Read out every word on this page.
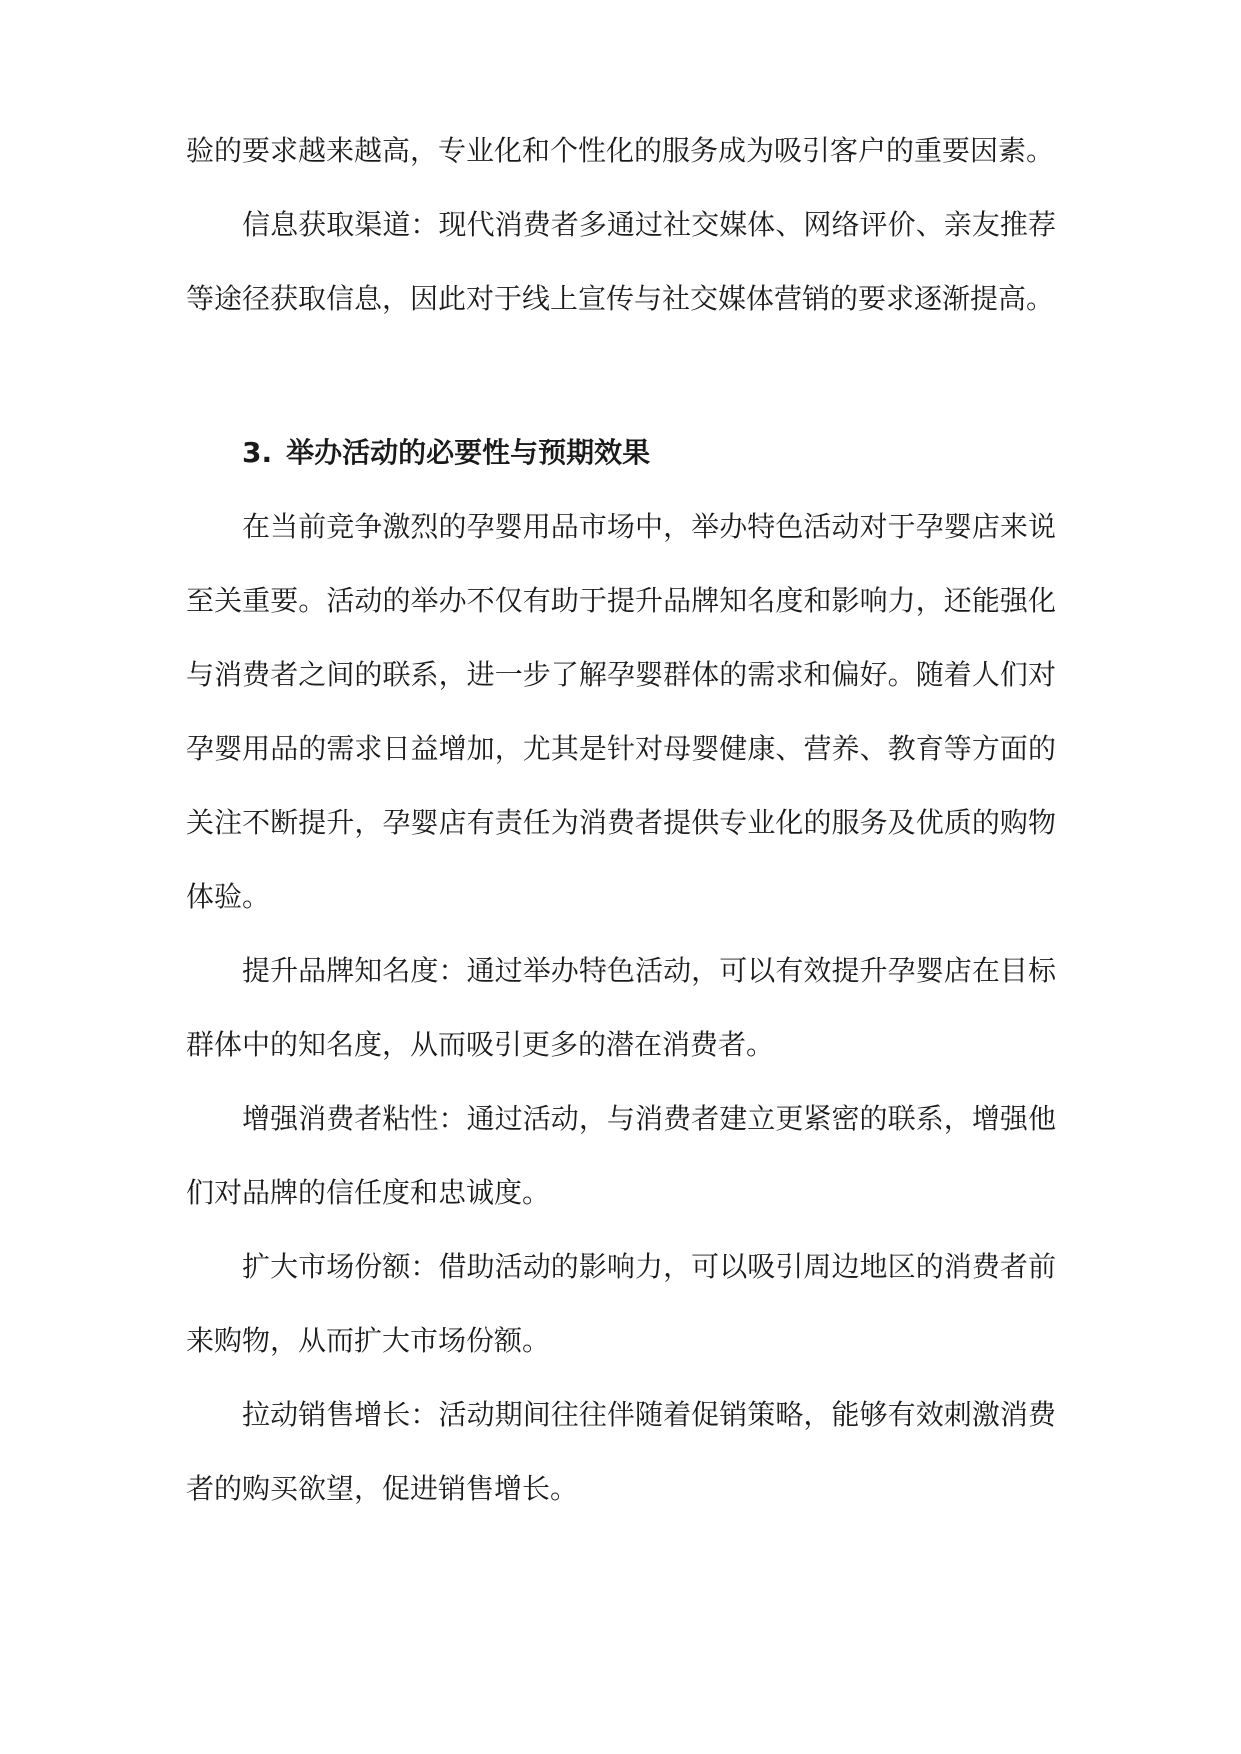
验的要求越来越高，专业化和个性化的服务成为吸引客户的重要因素。

信息获取渠道：现代消费者多通过社交媒体、网络评价、亲友推荐等途径获取信息，因此对于线上宣传与社交媒体营销的要求逐渐提高。

3. 举办活动的必要性与预期效果

在当前竞争激烈的孕婴用品市场中，举办特色活动对于孕婴店来说至关重要。活动的举办不仅有助于提升品牌知名度和影响力，还能强化与消费者之间的联系，进一步了解孕婴群体的需求和偏好。随着人们对孕婴用品的需求日益增加，尤其是针对母婴健康、营养、教育等方面的关注不断提升，孕婴店有责任为消费者提供专业化的服务及优质的购物体验。

提升品牌知名度：通过举办特色活动，可以有效提升孕婴店在目标群体中的知名度，从而吸引更多的潜在消费者。

增强消费者粘性：通过活动，与消费者建立更紧密的联系，增强他们对品牌的信任度和忠诚度。

扩大市场份额：借助活动的影响力，可以吸引周边地区的消费者前来购物，从而扩大市场份额。

拉动销售增长：活动期间往往伴随着促销策略，能够有效刺激消费者的购买欲望，促进销售增长。
